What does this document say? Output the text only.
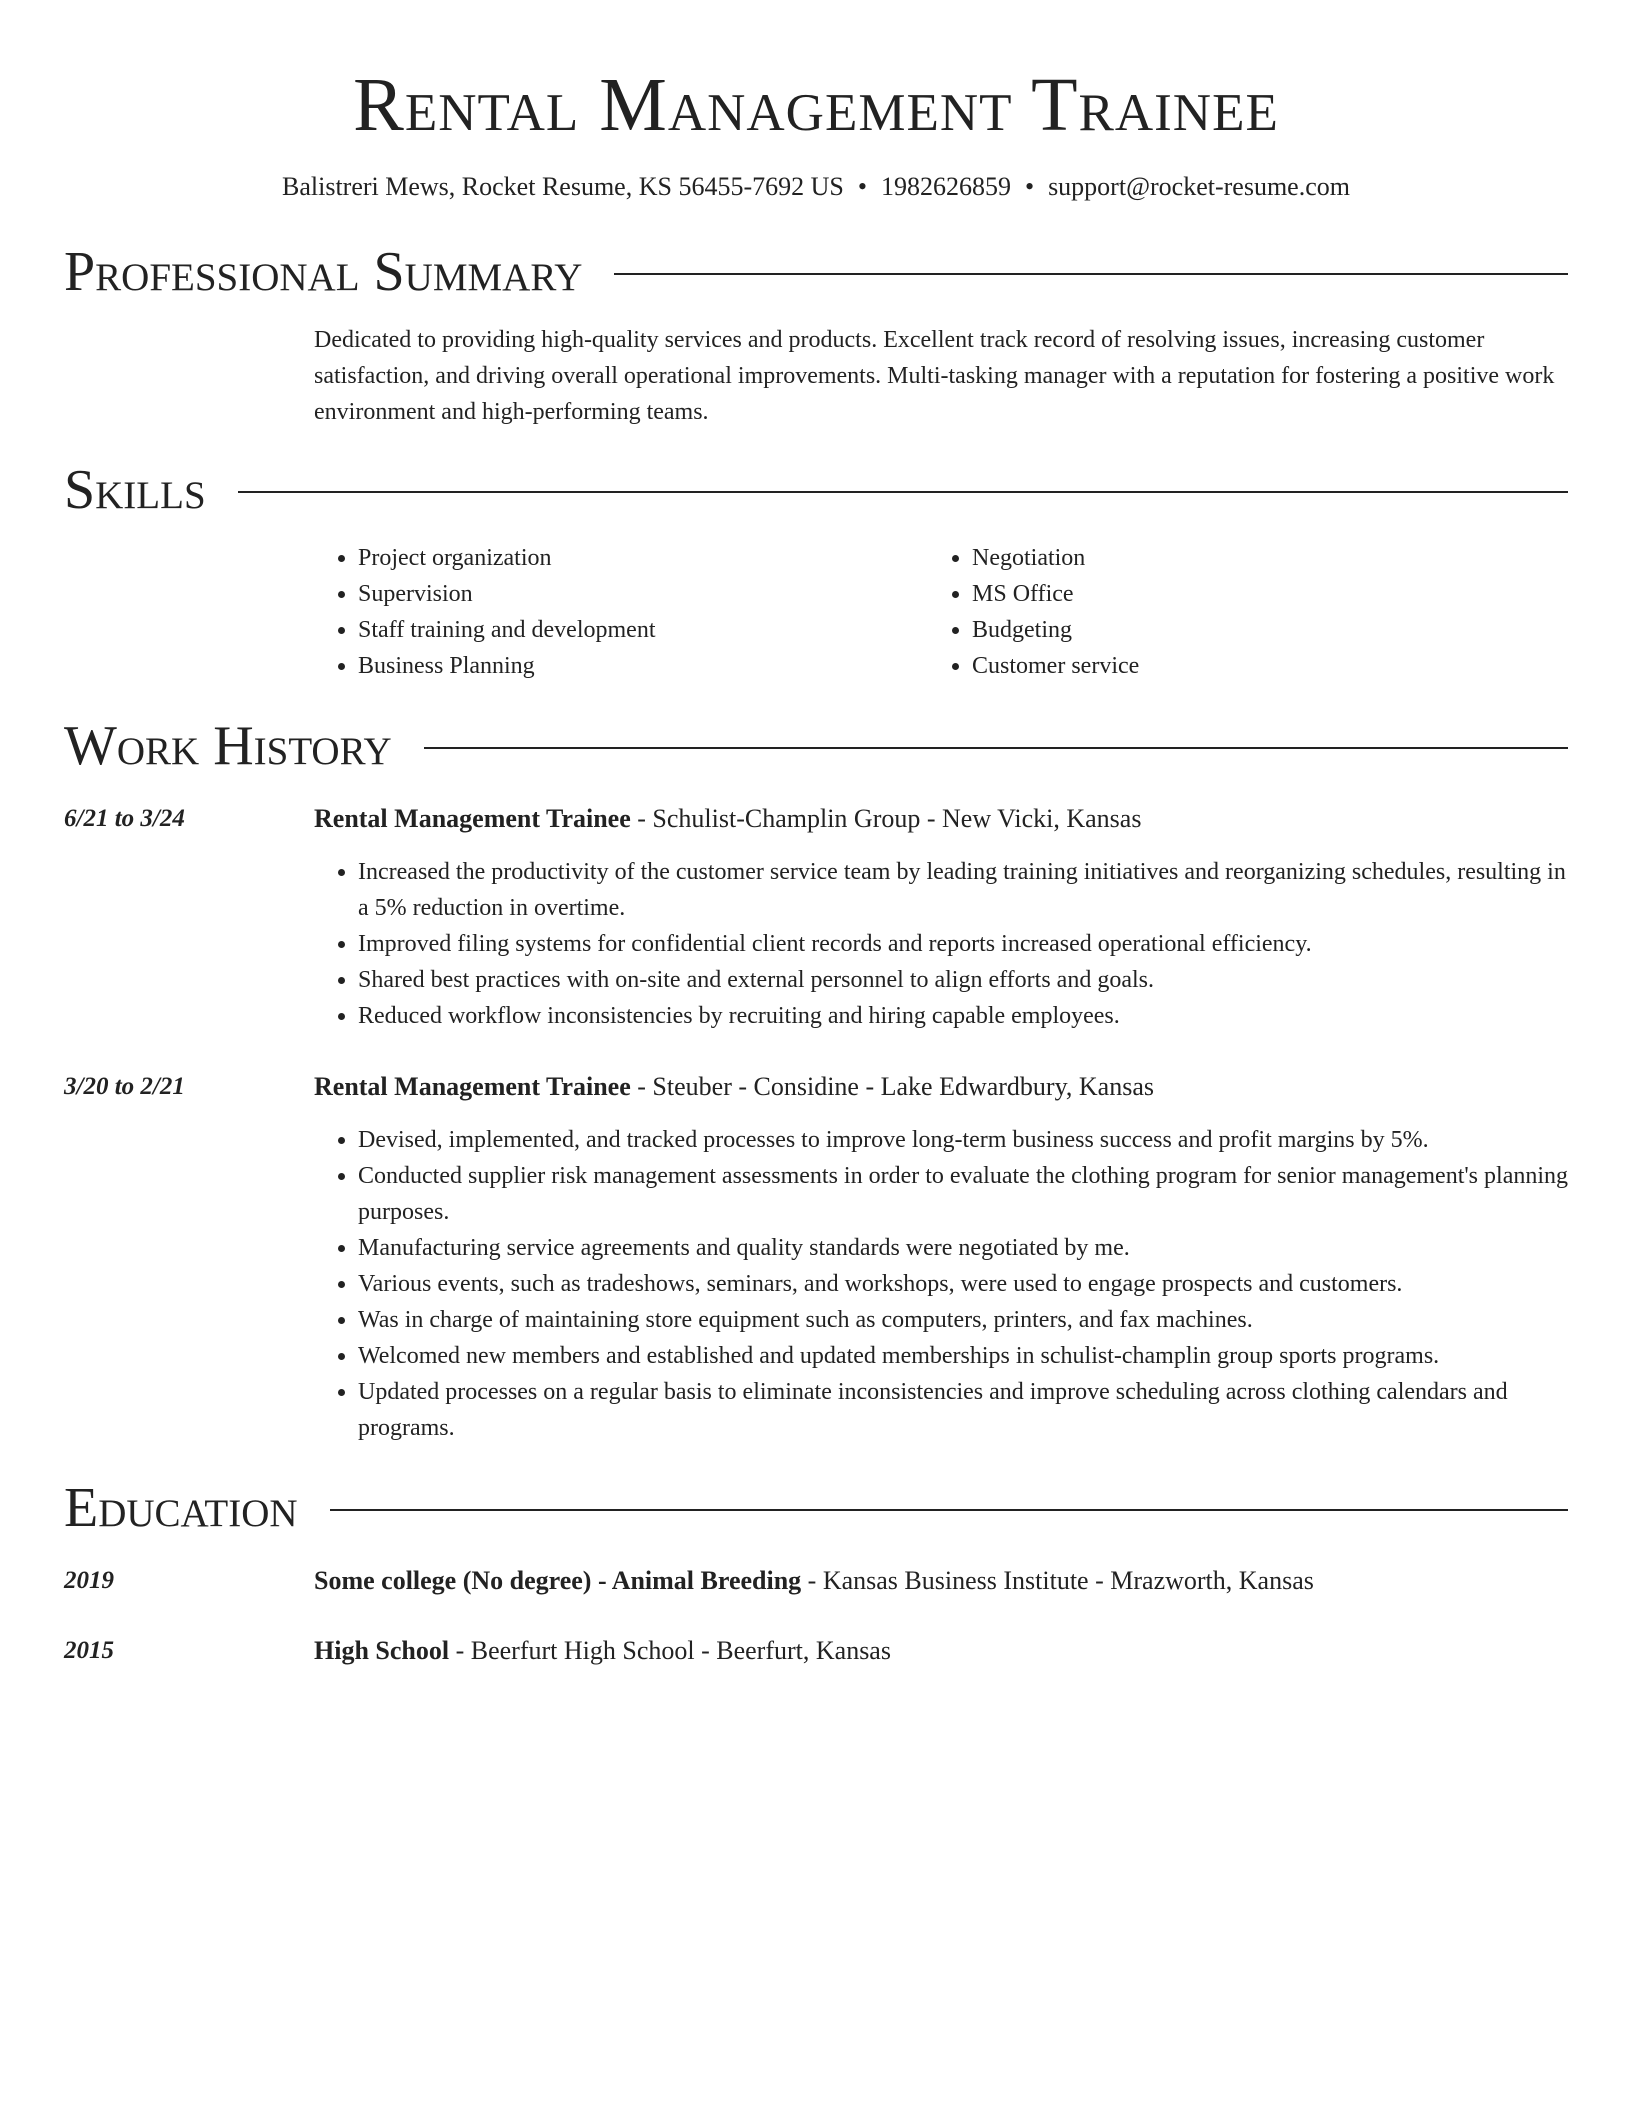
Rental Management Trainee
Balistreri Mews, Rocket Resume, KS 56455-7692 US • 1982626859 • support@rocket-resume.com
Professional Summary
Dedicated to providing high-quality services and products. Excellent track record of resolving issues, increasing customer satisfaction, and driving overall operational improvements. Multi-tasking manager with a reputation for fostering a positive work environment and high-performing teams.
Skills
• Project organization
• Supervision
• Staff training and development
• Business Planning
• Negotiation
• MS Office
• Budgeting
• Customer service
Work History
6/21 to 3/24	Rental Management Trainee - Schulist-Champlin Group - New Vicki, Kansas
• Increased the productivity of the customer service team by leading training initiatives and reorganizing schedules, resulting in a 5% reduction in overtime.
• Improved filing systems for confidential client records and reports increased operational efficiency.
• Shared best practices with on-site and external personnel to align efforts and goals.
• Reduced workflow inconsistencies by recruiting and hiring capable employees.
3/20 to 2/21	Rental Management Trainee - Steuber - Considine - Lake Edwardbury, Kansas
• Devised, implemented, and tracked processes to improve long-term business success and profit margins by 5%.
• Conducted supplier risk management assessments in order to evaluate the clothing program for senior management's planning purposes.
• Manufacturing service agreements and quality standards were negotiated by me.
• Various events, such as tradeshows, seminars, and workshops, were used to engage prospects and customers.
• Was in charge of maintaining store equipment such as computers, printers, and fax machines.
• Welcomed new members and established and updated memberships in schulist-champlin group sports programs.
• Updated processes on a regular basis to eliminate inconsistencies and improve scheduling across clothing calendars and programs.
Education
2019	Some college (No degree) - Animal Breeding - Kansas Business Institute - Mrazworth, Kansas
2015	High School - Beerfurt High School - Beerfurt, Kansas
